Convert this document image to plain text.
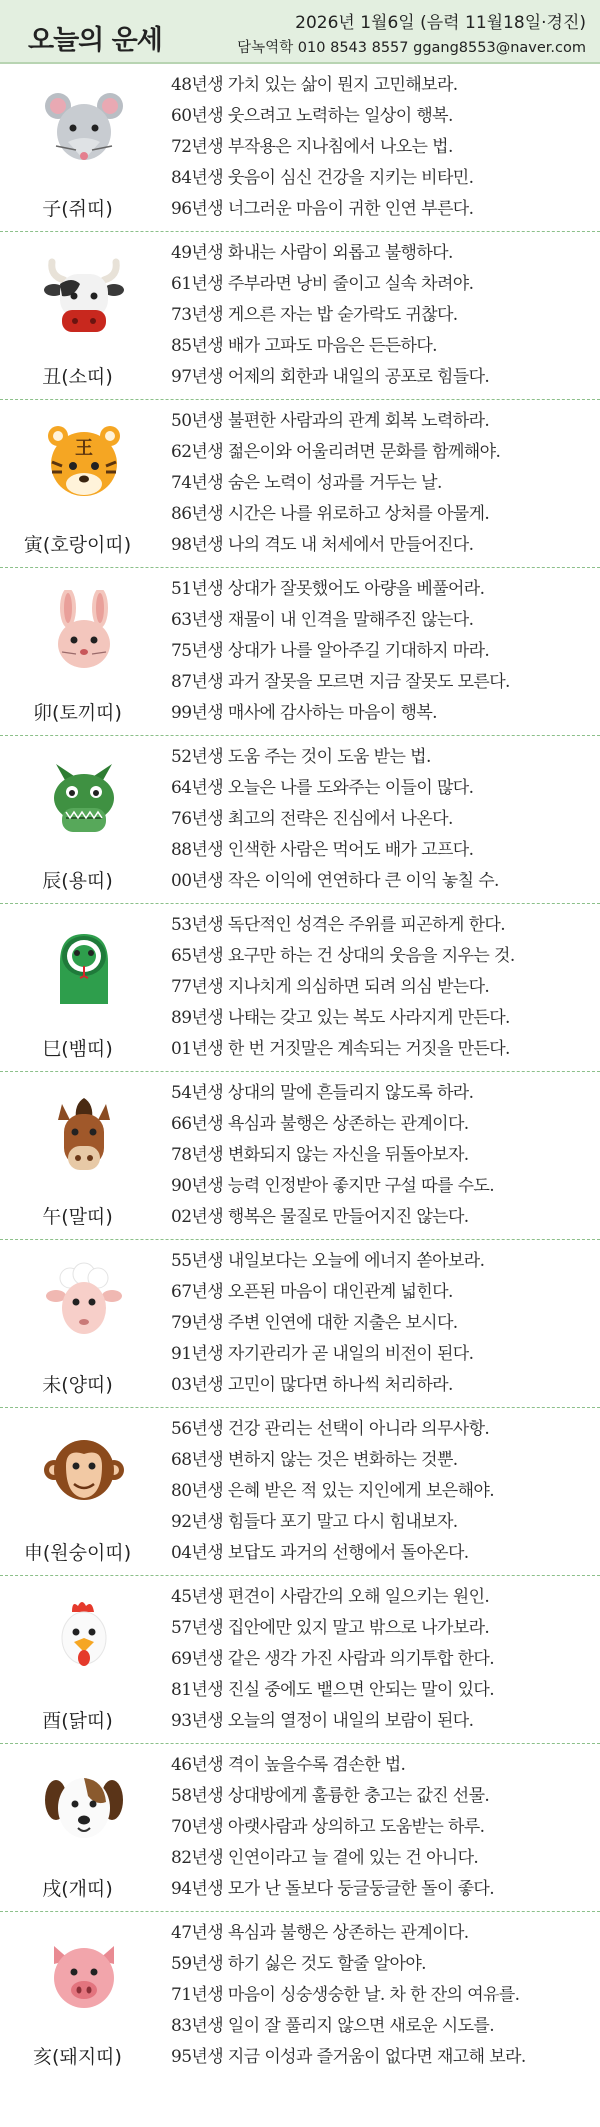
오늘의 운세
2026년 1월6일 (음력 11월18일·경진)
담녹역학 010 8543 8557 ggang8553@naver.com
子(쥐띠)
48년생 가치 있는 삶이 뭔지 고민해보라.
60년생 웃으려고 노력하는 일상이 행복.
72년생 부작용은 지나침에서 나오는 법.
84년생 웃음이 심신 건강을 지키는 비타민.
96년생 너그러운 마음이 귀한 인연 부른다.
丑(소띠)
49년생 화내는 사람이 외롭고 불행하다.
61년생 주부라면 낭비 줄이고 실속 차려야.
73년생 게으른 자는 밥 숟가락도 귀찮다.
85년생 배가 고파도 마음은 든든하다.
97년생 어제의 회한과 내일의 공포로 힘들다.
王
寅(호랑이띠)
50년생 불편한 사람과의 관계 회복 노력하라.
62년생 젊은이와 어울리려면 문화를 함께해야.
74년생 숨은 노력이 성과를 거두는 날.
86년생 시간은 나를 위로하고 상처를 아물게.
98년생 나의 격도 내 처세에서 만들어진다.
卯(토끼띠)
51년생 상대가 잘못했어도 아량을 베풀어라.
63년생 재물이 내 인격을 말해주진 않는다.
75년생 상대가 나를 알아주길 기대하지 마라.
87년생 과거 잘못을 모르면 지금 잘못도 모른다.
99년생 매사에 감사하는 마음이 행복.
辰(용띠)
52년생 도움 주는 것이 도움 받는 법.
64년생 오늘은 나를 도와주는 이들이 많다.
76년생 최고의 전략은 진심에서 나온다.
88년생 인색한 사람은 먹어도 배가 고프다.
00년생 작은 이익에 연연하다 큰 이익 놓칠 수.
巳(뱀띠)
53년생 독단적인 성격은 주위를 피곤하게 한다.
65년생 요구만 하는 건 상대의 웃음을 지우는 것.
77년생 지나치게 의심하면 되려 의심 받는다.
89년생 나태는 갖고 있는 복도 사라지게 만든다.
01년생 한 번 거짓말은 계속되는 거짓을 만든다.
午(말띠)
54년생 상대의 말에 흔들리지 않도록 하라.
66년생 욕심과 불행은 상존하는 관계이다.
78년생 변화되지 않는 자신을 뒤돌아보자.
90년생 능력 인정받아 좋지만 구설 따를 수도.
02년생 행복은 물질로 만들어지진 않는다.
未(양띠)
55년생 내일보다는 오늘에 에너지 쏟아보라.
67년생 오픈된 마음이 대인관계 넓힌다.
79년생 주변 인연에 대한 지출은 보시다.
91년생 자기관리가 곧 내일의 비전이 된다.
03년생 고민이 많다면 하나씩 처리하라.
申(원숭이띠)
56년생 건강 관리는 선택이 아니라 의무사항.
68년생 변하지 않는 것은 변화하는 것뿐.
80년생 은혜 받은 적 있는 지인에게 보은해야.
92년생 힘들다 포기 말고 다시 힘내보자.
04년생 보답도 과거의 선행에서 돌아온다.
酉(닭띠)
45년생 편견이 사람간의 오해 일으키는 원인.
57년생 집안에만 있지 말고 밖으로 나가보라.
69년생 같은 생각 가진 사람과 의기투합 한다.
81년생 진실 중에도 뱉으면 안되는 말이 있다.
93년생 오늘의 열정이 내일의 보람이 된다.
戌(개띠)
46년생 격이 높을수록 겸손한 법.
58년생 상대방에게 훌륭한 충고는 값진 선물.
70년생 아랫사람과 상의하고 도움받는 하루.
82년생 인연이라고 늘 곁에 있는 건 아니다.
94년생 모가 난 돌보다 둥글둥글한 돌이 좋다.
亥(돼지띠)
47년생 욕심과 불행은 상존하는 관계이다.
59년생 하기 싫은 것도 할줄 알아야.
71년생 마음이 싱숭생숭한 날. 차 한 잔의 여유를.
83년생 일이 잘 풀리지 않으면 새로운 시도를.
95년생 지금 이성과 즐거움이 없다면 재고해 보라.
